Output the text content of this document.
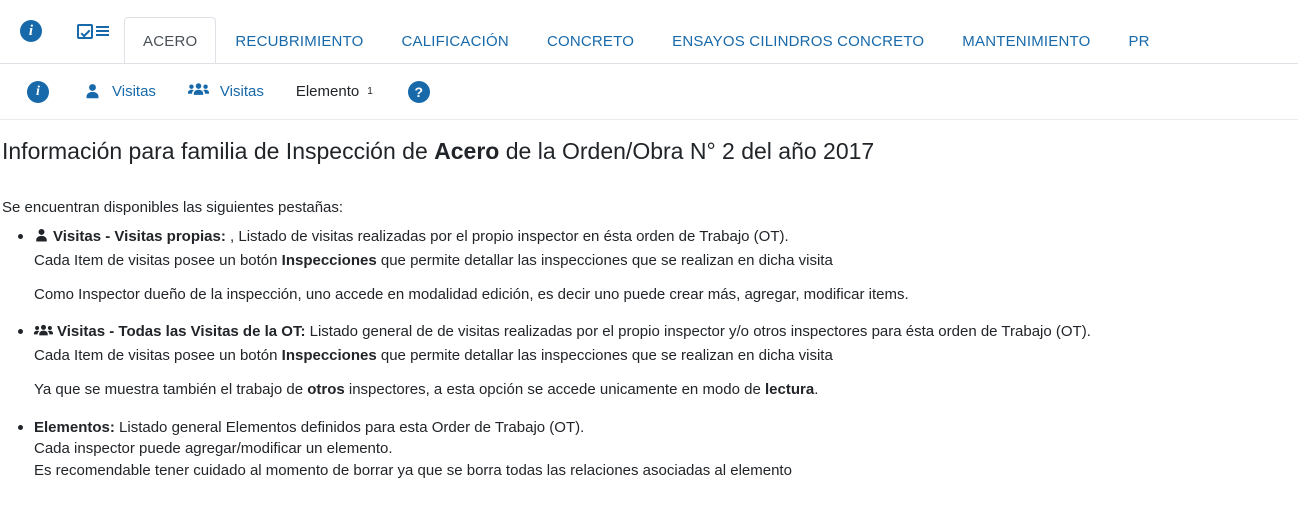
i
ACERO	RECUBRIMIENTO	CALIFICACIÓN	CONCRETO	ENSAYOS CILINDROS CONCRETO	MANTENIMIENTO	PR
i	Visitas	Visitas Elemento 1	?
Información para familia de Inspección de Acero de la Orden/Obra N° 2 del año 2017

Se encuentran disponibles las siguientes pestañas:

Visitas - Visitas propias: , Listado de visitas realizadas por el propio inspector en ésta orden de Trabajo (OT).
Cada Item de visitas posee un botón Inspecciones que permite detallar las inspecciones que se realizan en dicha visita
Como Inspector dueño de la inspección, uno accede en modalidad edición, es decir uno puede crear más, agregar, modificar items.
Visitas - Todas las Visitas de la OT: Listado general de de visitas realizadas por el propio inspector y/o otros inspectores para ésta orden de Trabajo (OT).
Cada Item de visitas posee un botón Inspecciones que permite detallar las inspecciones que se realizan en dicha visita
Ya que se muestra también el trabajo de otros inspectores, a esta opción se accede unicamente en modo de lectura.
Elementos: Listado general Elementos definidos para esta Order de Trabajo (OT).
Cada inspector puede agregar/modificar un elemento.
Es recomendable tener cuidado al momento de borrar ya que se borra todas las relaciones asociadas al elemento
